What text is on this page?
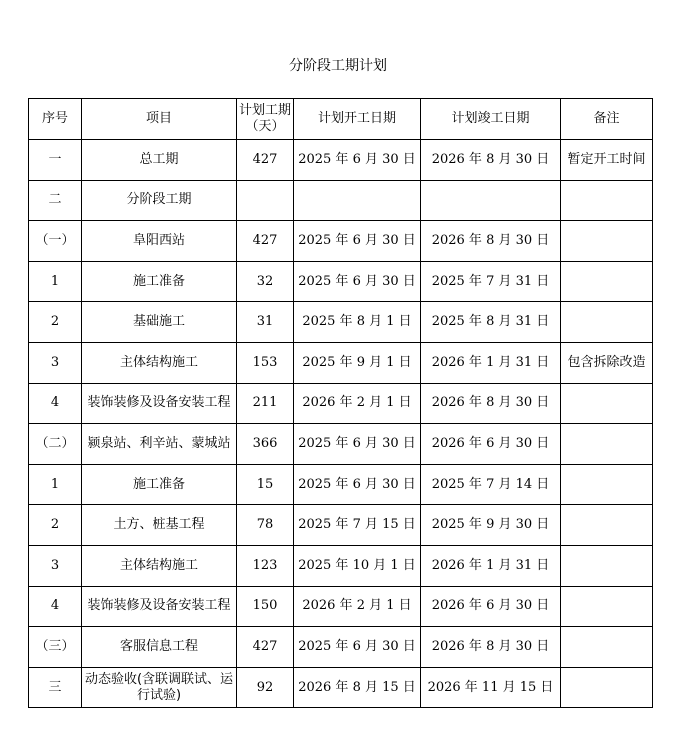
分阶段工期计划
序号	项目	计划工期（天）	计划开工日期	计划竣工日期	备注
一	总工期	427	2025 年 6 月 30 日	2026 年 8 月 30 日	暂定开工时间
二	分阶段工期				
（一）	阜阳西站	427	2025 年 6 月 30 日	2026 年 8 月 30 日	
1	施工准备	32	2025 年 6 月 30 日	2025 年 7 月 31 日	
2	基础施工	31	2025 年 8 月 1 日	2025 年 8 月 31 日	
3	主体结构施工	153	2025 年 9 月 1 日	2026 年 1 月 31 日	包含拆除改造
4	装饰装修及设备安装工程	211	2026 年 2 月 1 日	2026 年 8 月 30 日	
（二）	颍泉站、利辛站、蒙城站	366	2025 年 6 月 30 日	2026 年 6 月 30 日	
1	施工准备	15	2025 年 6 月 30 日	2025 年 7 月 14 日	
2	土方、桩基工程	78	2025 年 7 月 15 日	2025 年 9 月 30 日	
3	主体结构施工	123	2025 年 10 月 1 日	2026 年 1 月 31 日	
4	装饰装修及设备安装工程	150	2026 年 2 月 1 日	2026 年 6 月 30 日	
（三）	客服信息工程	427	2025 年 6 月 30 日	2026 年 8 月 30 日	
三	动态验收(含联调联试、运行试验)	92	2026 年 8 月 15 日	2026 年 11 月 15 日	
